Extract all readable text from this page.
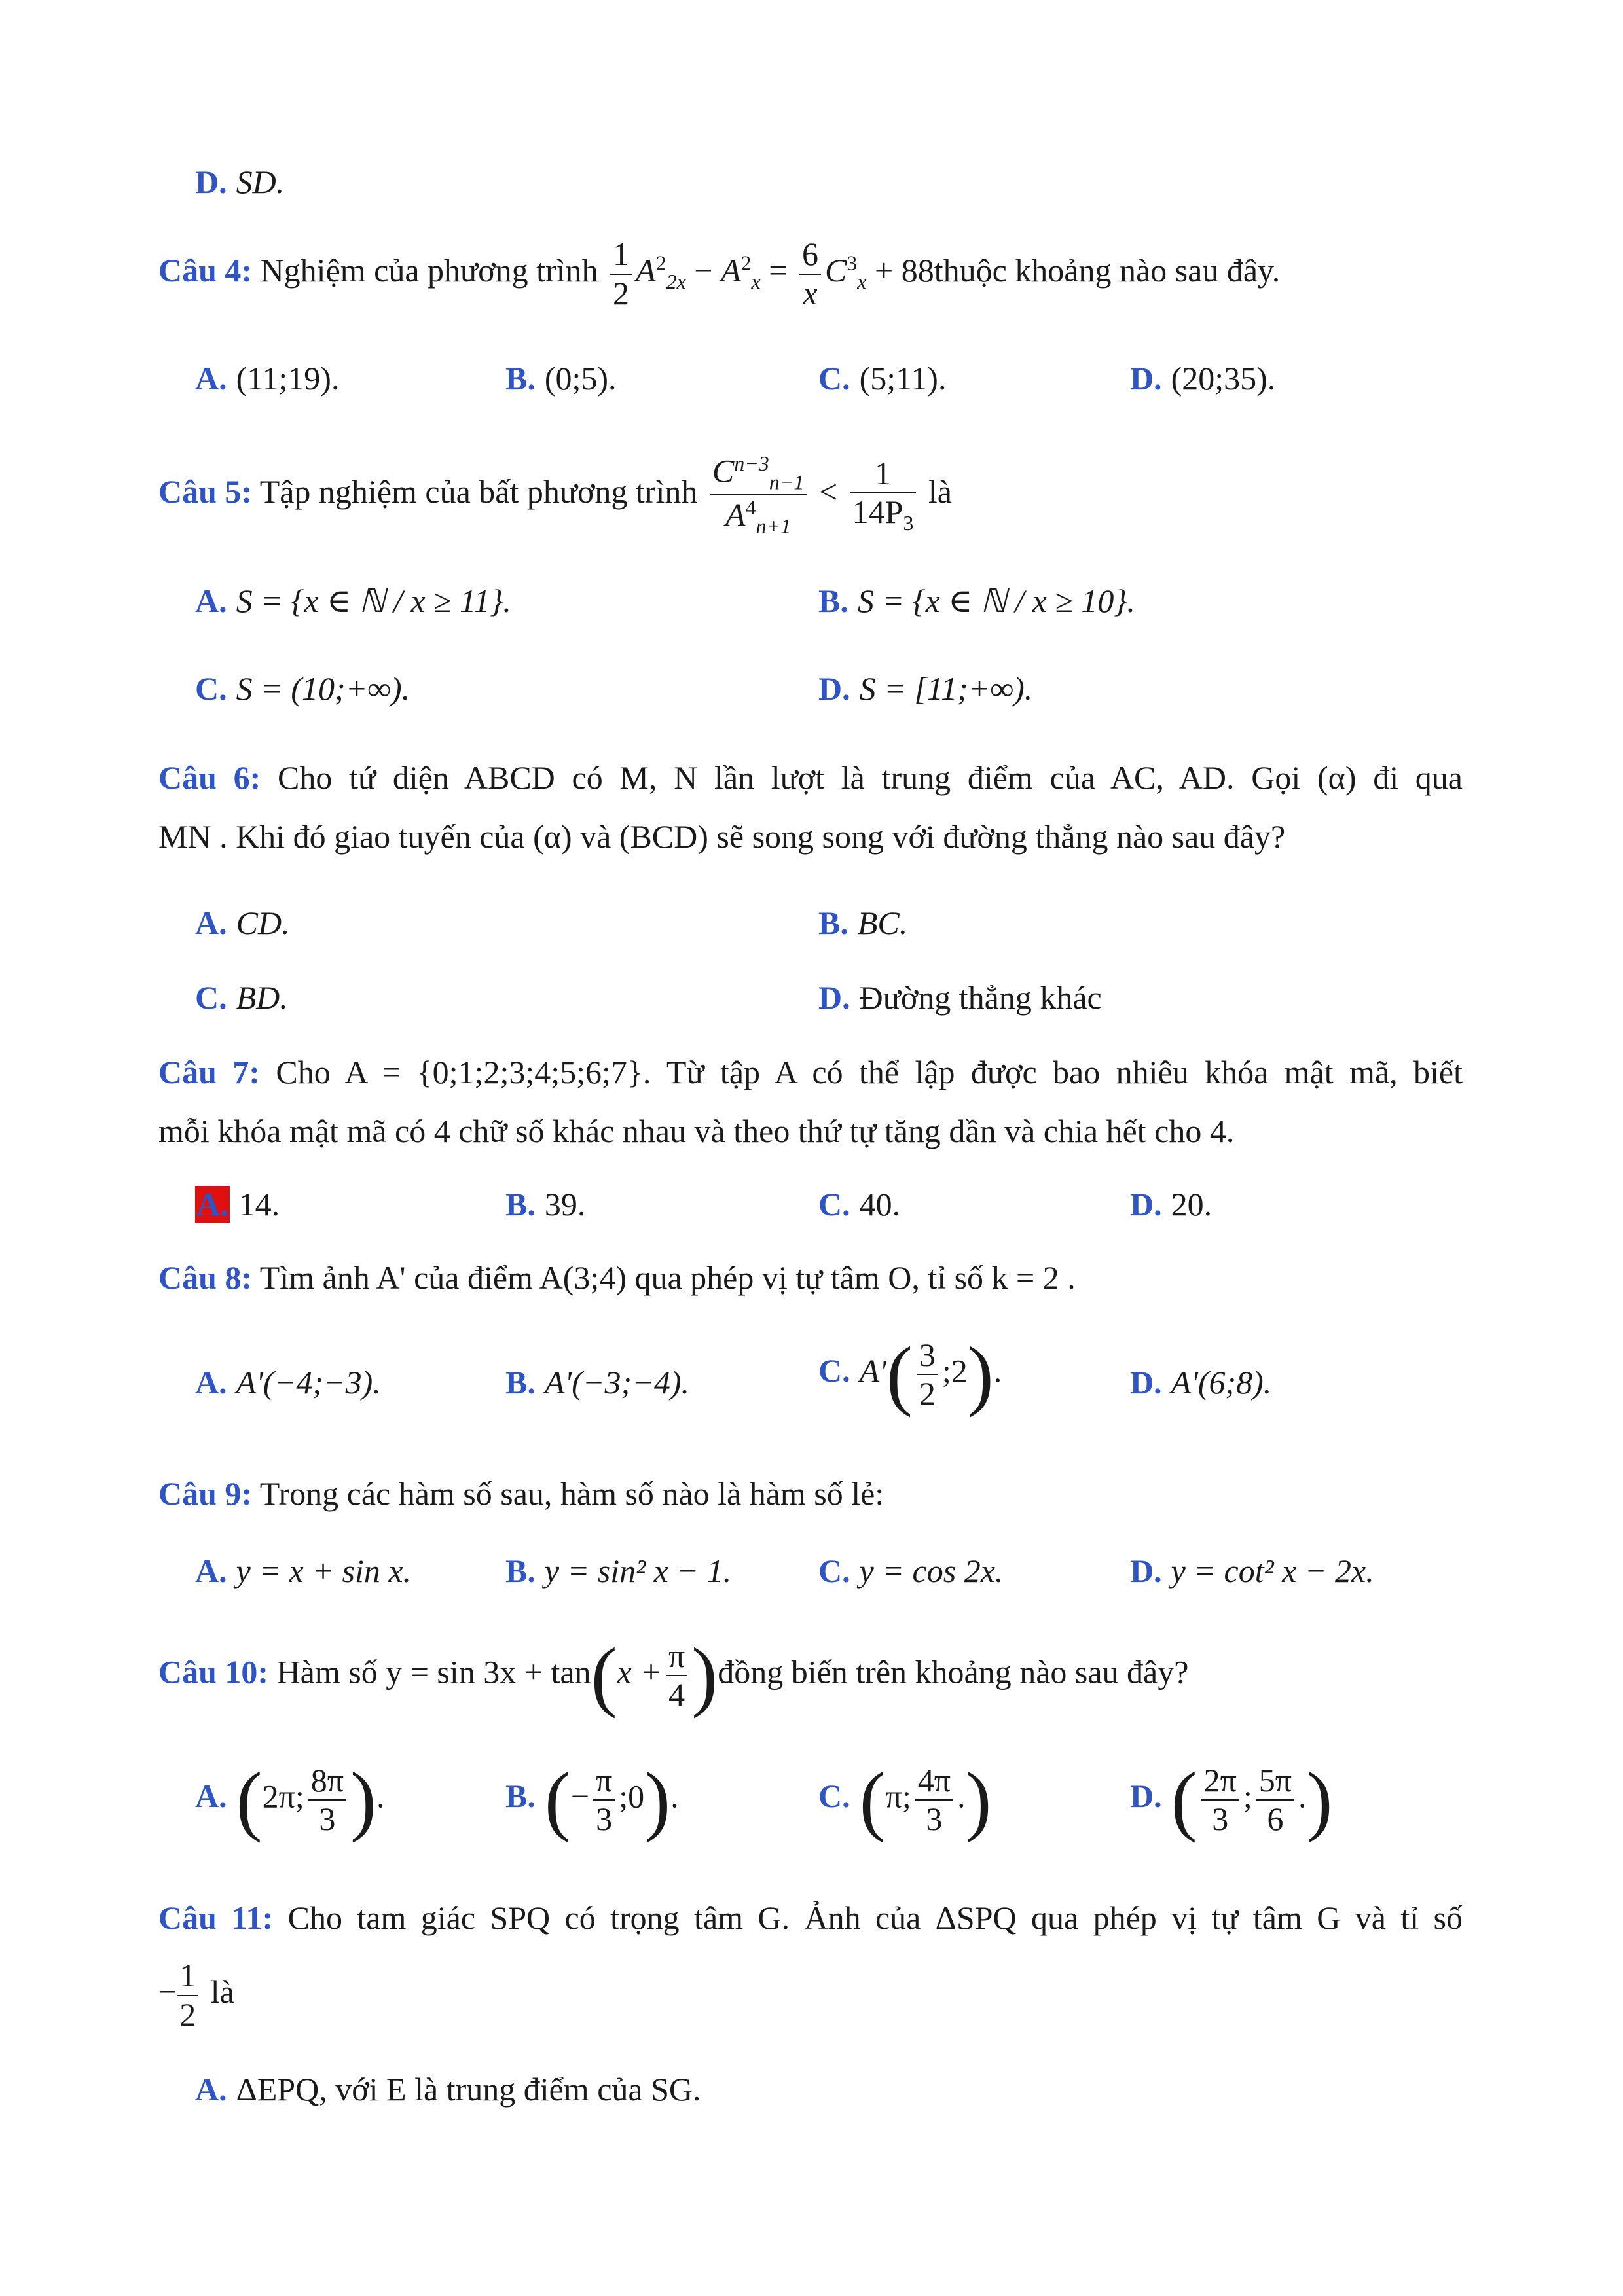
D. SD.
Câu 4: Nghiệm của phương trình $\frac{1}{2} A^2_{2x} - A^2_x = \frac{6}{x} C^3_x$ + 88thuộc khoảng nào sau đây.
A. (11;19).	B. (0;5).	C. (5;11).	D. (20;35).
Câu 5: Tập nghiệm của bất phương trình $\frac{C^{n-3}_{n-1}}{A^4_{n+1}} < \frac{1}{14P_3}$ là
A. S = {x ∈ ℕ / x ≥ 11}.	B. S = {x ∈ ℕ / x ≥ 10}.
C. S = (10;+∞).	D. S = [11;+∞).
Câu 6: Cho tứ diện ABCD có M, N lần lượt là trung điểm của AC, AD. Gọi (α) đi qua
MN . Khi đó giao tuyến của (α) và (BCD) sẽ song song với đường thẳng nào sau đây?
A. CD.	B. BC.
C. BD.	D. Đường thẳng khác
Câu 7: Cho A = {0;1;2;3;4;5;6;7}. Từ tập A có thể lập được bao nhiêu khóa mật mã, biết
mỗi khóa mật mã có 4 chữ số khác nhau và theo thứ tự tăng dần và chia hết cho 4.
A. 14.	B. 39.	C. 40.	D. 20.
Câu 8: Tìm ảnh A' của điểm A(3;4) qua phép vị tự tâm O, tỉ số k = 2 .
A. A'(−4;−3).	B. A'(−3;−4).	C. $A'( \frac{3}{2}$ ;2).	D. A'(6;8).
Câu 9: Trong các hàm số sau, hàm số nào là hàm số lẻ:
A. y = x + sin x.	B. y = sin² x − 1.	C. y = cos 2x.	D. y = cot² x − 2x.
Câu 10: Hàm số $y = \sin 3x + \tan(x + \frac{\pi}{4}$ )đồng biến trên khoảng nào sau đây?
A. (2π; $\frac{8\pi}{3}$ ).	B. (− $\frac{\pi}{3}$ ;0).	C. (π; $\frac{4\pi}{3}$ .)	D. ( $\frac{2\pi}{3}$ ; $\frac{5\pi}{6}$ .)
Câu 11: Cho tam giác SPQ có trọng tâm G. Ảnh của ΔSPQ qua phép vị tự tâm G và tỉ số
− $\frac{1}{2}$ là
A. ΔEPQ, với E là trung điểm của SG.
